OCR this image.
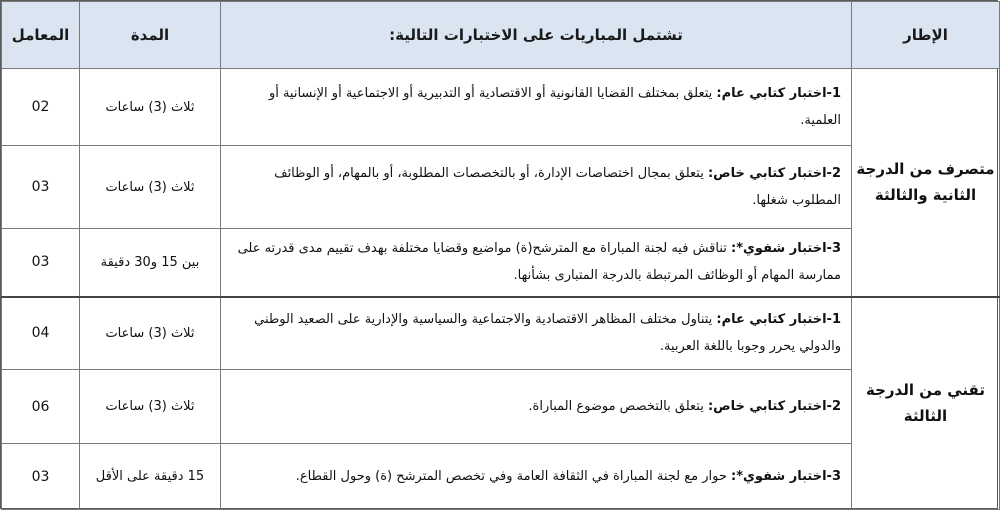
الإطار	تشتمل المباريات على الاختبارات التالية:	المدة	المعامل
متصرف من الدرجة الثانية والثالثة	1-اختبار كتابي عام: يتعلق بمختلف القضايا القانونية أو الاقتصادية أو التدبيرية أو الاجتماعية أو الإنسانية أو العلمية.	ثلاث (3) ساعات	02
	2-اختبار كتابي خاص: يتعلق بمجال اختصاصات الإدارة، أو بالتخصصات المطلوبة، أو بالمهام، أو الوظائف المطلوب شغلها.	ثلاث (3) ساعات	03
	3-اختبار شفوي*: تناقش فيه لجنة المباراة مع المترشح(ة) مواضيع وقضايا مختلفة بهدف تقييم مدى قدرته على ممارسة المهام أو الوظائف المرتبطة بالدرجة المتبارى بشأنها.	بين 15 و30 دقيقة	03
تقني من الدرجة الثالثة	1-اختبار كتابي عام: يتناول مختلف المظاهر الاقتصادية والاجتماعية والسياسية والإدارية على الصعيد الوطني والدولي يحرر وجوبا باللغة العربية.	ثلاث (3) ساعات	04
	2-اختبار كتابي خاص: يتعلق بالتخصص موضوع المباراة.	ثلاث (3) ساعات	06
	3-اختبار شفوي*: حوار مع لجنة المباراة في الثقافة العامة وفي تخصص المترشح (ة) وحول القطاع.	15 دقيقة على الأقل	03
